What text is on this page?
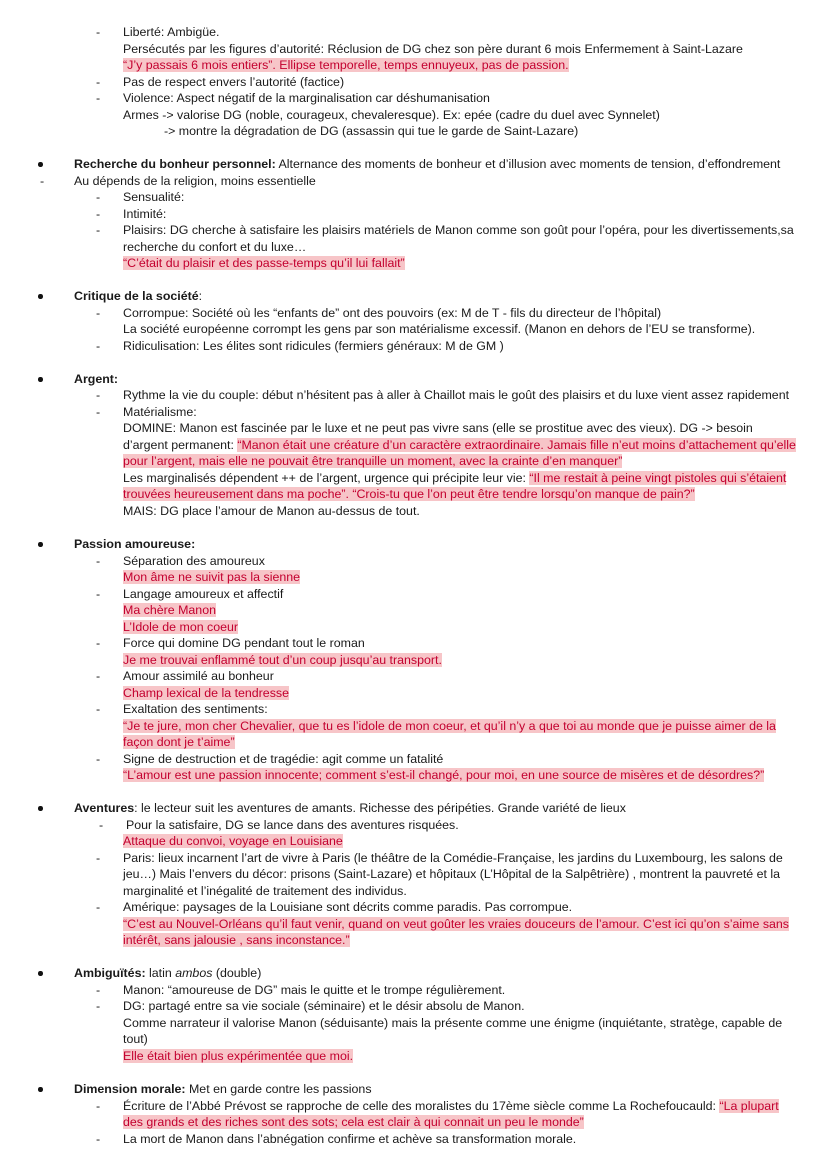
- Liberté: Ambigüe.
Persécutés par les figures d’autorité: Réclusion de DG chez son père durant 6 mois Enfermement à Saint-Lazare
“J’y passais 6 mois entiers”. Ellipse temporelle, temps ennuyeux, pas de passion.
- Pas de respect envers l’autorité (factice)
- Violence: Aspect négatif de la marginalisation car déshumanisation
Armes -> valorise DG (noble, courageux, chevaleresque). Ex: epée (cadre du duel avec Synnelet)
-> montre la dégradation de DG (assassin qui tue le garde de Saint-Lazare)
Recherche du bonheur personnel: Alternance des moments de bonheur et d’illusion avec moments de tension, d’effondrement
- Au dépends de la religion, moins essentielle
- Sensualité:
- Intimité:
- Plaisirs: DG cherche à satisfaire les plaisirs matériels de Manon comme son goût pour l’opéra, pour les divertissements,sa
recherche du confort et du luxe…
“C’était du plaisir et des passe-temps qu’il lui fallait”
Critique de la société:
- Corrompue: Société où les “enfants de” ont des pouvoirs (ex: M de T - fils du directeur de l’hôpital)
La société européenne corrompt les gens par son matérialisme excessif. (Manon en dehors de l’EU se transforme).
- Ridiculisation: Les élites sont ridicules (fermiers généraux: M de GM )
Argent:
- Rythme la vie du couple: début n’hésitent pas à aller à Chaillot mais le goût des plaisirs et du luxe vient assez rapidement
- Matérialisme:
DOMINE: Manon est fascinée par le luxe et ne peut pas vivre sans (elle se prostitue avec des vieux). DG -> besoin
d’argent permanent: “Manon était une créature d’un caractère extraordinaire. Jamais fille n’eut moins d’attachement qu’elle
pour l’argent, mais elle ne pouvait être tranquille un moment, avec la crainte d’en manquer”
Les marginalisés dépendent ++ de l’argent, urgence qui précipite leur vie: “Il me restait à peine vingt pistoles qui s’étaient
trouvées heureusement dans ma poche”. “Crois-tu que l’on peut être tendre lorsqu’on manque de pain?”
MAIS: DG place l’amour de Manon au-dessus de tout.
Passion amoureuse:
- Séparation des amoureux
Mon âme ne suivit pas la sienne
- Langage amoureux et affectif
Ma chère Manon
L’Idole de mon coeur
- Force qui domine DG pendant tout le roman
Je me trouvai enflammé tout d’un coup jusqu’au transport.
- Amour assimilé au bonheur
Champ lexical de la tendresse
- Exaltation des sentiments:
“Je te jure, mon cher Chevalier, que tu es l’idole de mon coeur, et qu’il n’y a que toi au monde que je puisse aimer de la
façon dont je t’aime”
- Signe de destruction et de tragédie: agit comme un fatalité
“L’amour est une passion innocente; comment s’est-il changé, pour moi, en une source de misères et de désordres?”
Aventures: le lecteur suit les aventures de amants. Richesse des péripéties. Grande variété de lieux
- Pour la satisfaire, DG se lance dans des aventures risquées.
Attaque du convoi, voyage en Louisiane
- Paris: lieux incarnent l’art de vivre à Paris (le théâtre de la Comédie-Française, les jardins du Luxembourg, les salons de
jeu…) Mais l’envers du décor: prisons (Saint-Lazare) et hôpitaux (L’Hôpital de la Salpêtrière) , montrent la pauvreté et la
marginalité et l’inégalité de traitement des individus.
- Amérique: paysages de la Louisiane sont décrits comme paradis. Pas corrompue.
“C’est au Nouvel-Orléans qu’il faut venir, quand on veut goûter les vraies douceurs de l’amour. C’est ici qu’on s’aime sans
intérêt, sans jalousie , sans inconstance.”
Ambiguïtés: latin ambos (double)
- Manon: “amoureuse de DG” mais le quitte et le trompe régulièrement.
- DG: partagé entre sa vie sociale (séminaire) et le désir absolu de Manon.
Comme narrateur il valorise Manon (séduisante) mais la présente comme une énigme (inquiétante, stratège, capable de
tout)
Elle était bien plus expérimentée que moi.
Dimension morale: Met en garde contre les passions
- Écriture de l’Abbé Prévost se rapproche de celle des moralistes du 17ème siècle comme La Rochefoucauld: “La plupart
des grands et des riches sont des sots; cela est clair à qui connait un peu le monde”
- La mort de Manon dans l’abnégation confirme et achève sa transformation morale.
